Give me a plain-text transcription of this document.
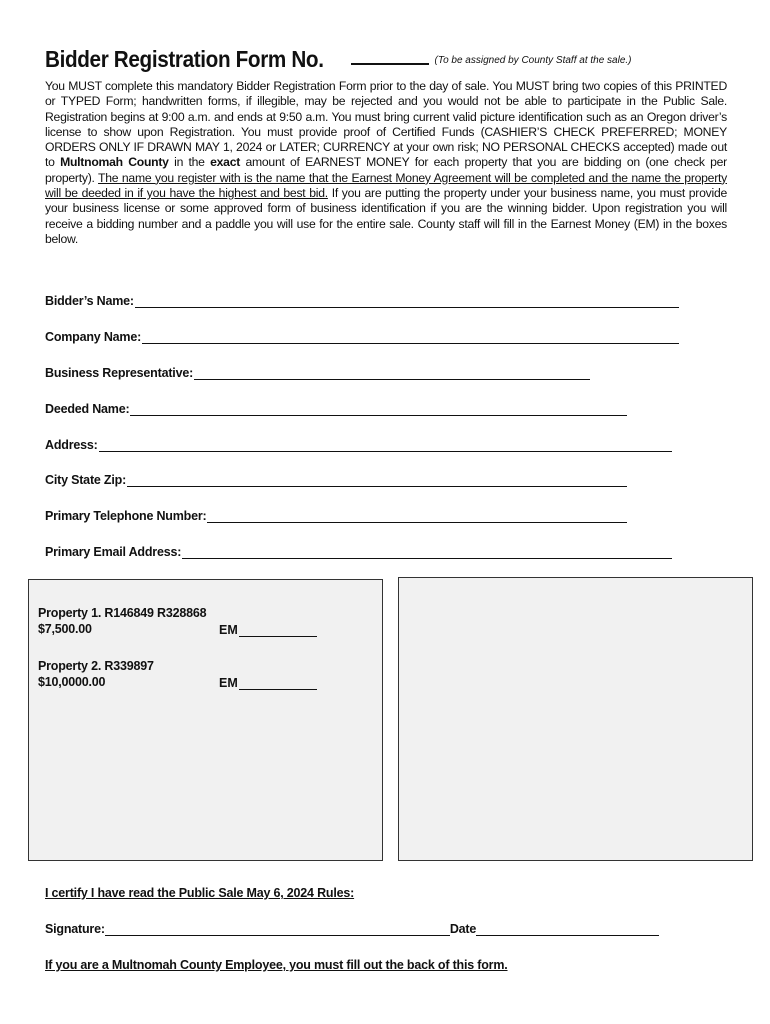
Bidder Registration Form No.	$^{(To be assigned by County Staff at the sale.)}$
You MUST complete this mandatory Bidder Registration Form prior to the day of sale. You MUST bring two copies of this PRINTED or TYPED Form; handwritten forms, if illegible, may be rejected and you would not be able to participate in the Public Sale. Registration begins at 9:00 a.m. and ends at 9:50 a.m. You must bring current valid picture identification such as an Oregon driver’s license to show upon Registration. You must provide proof of Certified Funds (CASHIER’S CHECK PREFERRED; MONEY ORDERS ONLY IF DRAWN MAY 1, 2024 or LATER; CURRENCY at your own risk; NO PERSONAL CHECKS accepted) made out to Multnomah County in the exact amount of EARNEST MONEY for each property that you are bidding on (one check per property). The name you register with is the name that the Earnest Money Agreement will be completed and the name the property will be deeded in if you have the highest and best bid. If you are putting the property under your business name, you must provide your business license or some approved form of business identification if you are the winning bidder. Upon registration you will receive a bidding number and a paddle you will use for the entire sale. County staff will fill in the Earnest Money (EM) in the boxes below.
Bidder’s Name:
Company Name:
Business Representative:
Deeded Name:
Address:
City State Zip:
Primary Telephone Number:
Primary Email Address:
Property 1. R146849 R328868
$7,500.00	EM
Property 2. R339897
$10,0000.00	EM
I certify I have read the Public Sale May 6, 2024 Rules:
Signature:	Date
If you are a Multnomah County Employee, you must fill out the back of this form.
